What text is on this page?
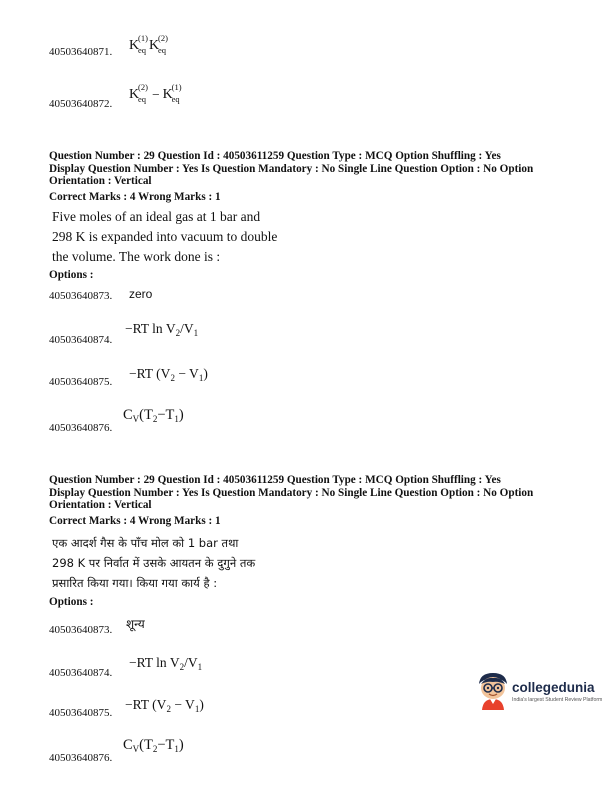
40503640871. K
(1)
eq K
(2)
eq
40503640872.
K
(2)
eq − K
(1)
eq
Question Number : 29 Question Id : 40503611259 Question Type : MCQ Option Shuffling : Yes
Display Question Number : Yes Is Question Mandatory : No Single Line Question Option : No Option
Orientation : Vertical
Correct Marks : 4 Wrong Marks : 1
Five moles of an ideal gas at 1 bar and
298 K is expanded into vacuum to double
the volume. The work done is :
Options :
40503640873. zero
40503640874.
−RT $\ln V_2/V_1$
40503640875.
−RT $(V_2 - V_1)$
40503640876.
$C_V(T_2-T_1)$
Question Number : 29 Question Id : 40503611259 Question Type : MCQ Option Shuffling : Yes
Display Question Number : Yes Is Question Mandatory : No Single Line Question Option : No Option
Orientation : Vertical
Correct Marks : 4 Wrong Marks : 1
एक आदर्श गैस के पाँच मोल को 1 bar तथा
298 K पर निर्वात में उसके आयतन के दुगुने तक
प्रसारित किया गया। किया गया कार्य है :
Options :
40503640873. शून्य
40503640874.
−RT $\ln V_2/V_1$
40503640875.
−RT $(V_2 - V_1)$
40503640876.
$C_V(T_2-T_1)$
collegedunia
India's largest Student Review Platform
